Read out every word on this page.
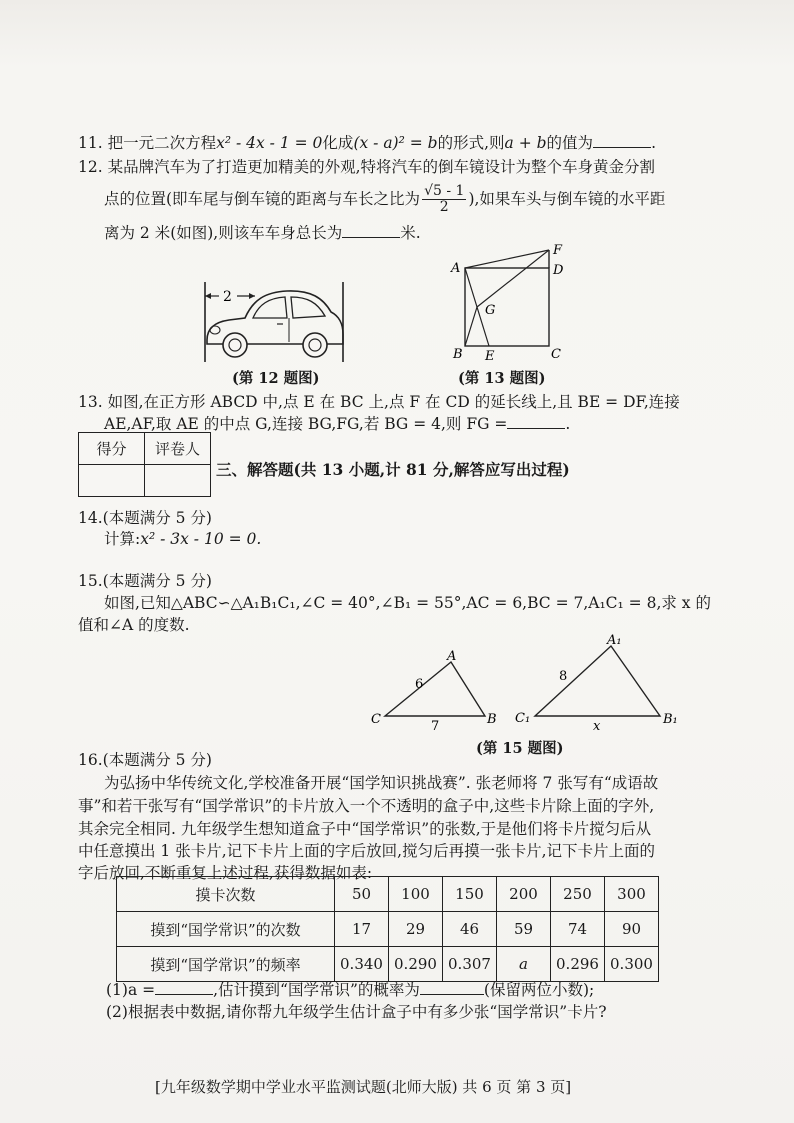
11. 把一元二次方程x² - 4x - 1 = 0化成(x - a)² = b的形式,则a + b的值为	.
12. 某品牌汽车为了打造更加精美的外观,特将汽车的倒车镜设计为整个车身黄金分割
点的位置(即车尾与倒车镜的距离与车长之比为 $\frac{√5 - 1}{2}$ ),如果车头与倒车镜的水平距
离为 2 米(如图),则该车车身总长为	米.
2
(第 12 题图)
A
F
D
B E	C
G
(第 13 题图)
13. 如图,在正方形 ABCD 中,点 E 在 BC 上,点 F 在 CD 的延长线上,且 BE = DF,连接
AE,AF,取 AE 的中点 G,连接 BG,FG,若 BG = 4,则 FG =	.
得分	评卷人

三、解答题(共 13 小题,计 81 分,解答应写出过程)
14.(本题满分 5 分)
计算:x² - 3x - 10 = 0.
15.(本题满分 5 分)
如图,已知△ABC∽△A₁B₁C₁,∠C = 40°,∠B₁ = 55°,AC = 6,BC = 7,A₁C₁ = 8,求 x 的
值和∠A 的度数.
A
C	B
6
7
A₁
C₁	B₁
8
x
(第 15 题图)
16.(本题满分 5 分)
为弘扬中华传统文化,学校准备开展“国学知识挑战赛”. 张老师将 7 张写有“成语故
事”和若干张写有“国学常识”的卡片放入一个不透明的盒子中,这些卡片除上面的字外,
其余完全相同. 九年级学生想知道盒子中“国学常识”的张数,于是他们将卡片搅匀后从
中任意摸出 1 张卡片,记下卡片上面的字后放回,搅匀后再摸一张卡片,记下卡片上面的
字后放回,不断重复上述过程,获得数据如表:
摸卡次数	50	100	150	200	250	300
摸到“国学常识”的次数	17	29	46	59	74	90
摸到“国学常识”的频率	0.340	0.290	0.307	a	0.296	0.300
(1)a =	,估计摸到“国学常识”的概率为	(保留两位小数);
(2)根据表中数据,请你帮九年级学生估计盒子中有多少张“国学常识”卡片?
[九年级数学期中学业水平监测试题(北师大版) 共 6 页 第 3 页]
